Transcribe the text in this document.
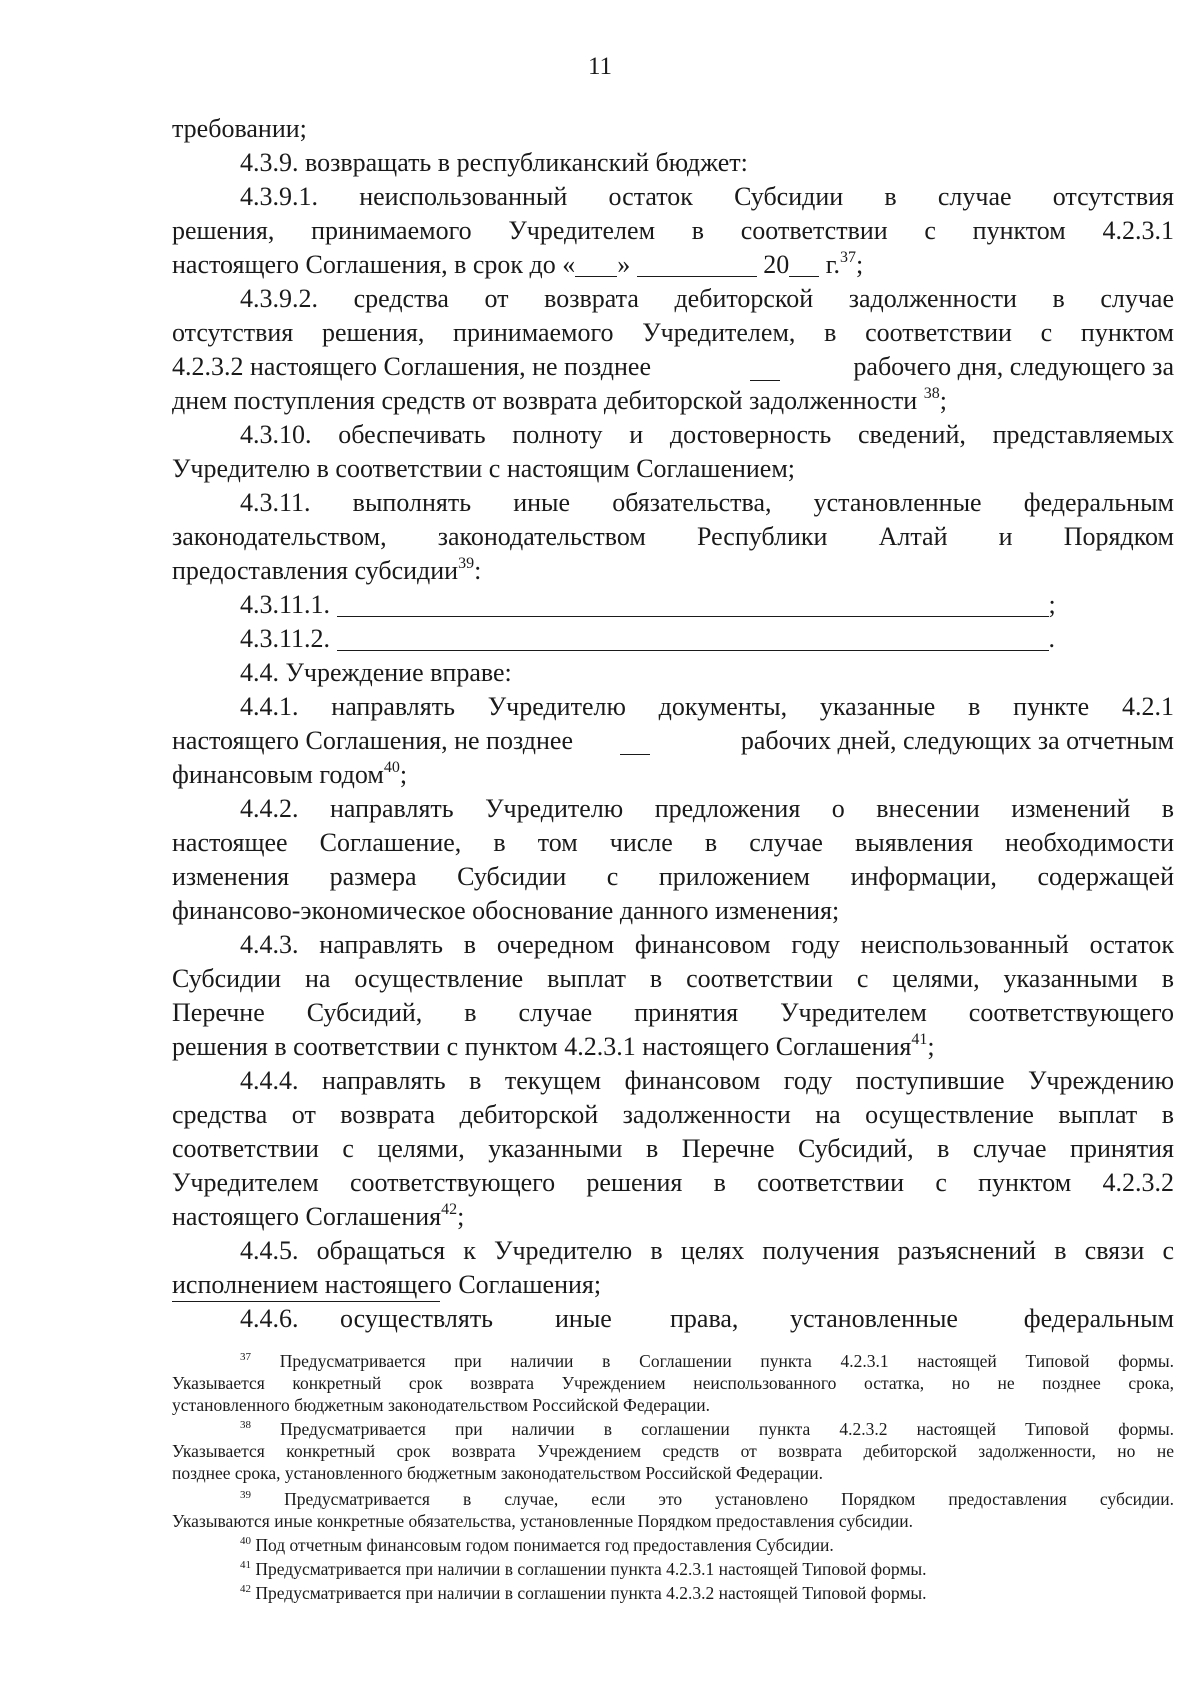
11
требовании;
4.3.9. возвращать в республиканский бюджет:
4.3.9.1. неиспользованный остаток Субсидии в случае отсутствия
решения, принимаемого Учредителем в соответствии с пунктом 4.2.3.1
настоящего Соглашения, в срок до « »	20 г.$^{37}$;
4.3.9.2. средства от возврата дебиторской задолженности в случае
отсутствия решения, принимаемого Учредителем, в соответствии с пунктом
4.2.3.2 настоящего Соглашения, не позднее	рабочего дня, следующего за
днем поступления средств от возврата дебиторской задолженности $^{38}$;
4.3.10. обеспечивать полноту и достоверность сведений, представляемых
Учредителю в соответствии с настоящим Соглашением;
4.3.11. выполнять иные обязательства, установленные федеральным
законодательством, законодательством Республики Алтай и Порядком
предоставления субсидии$^{39}$:
4.3.11.1.	;
4.3.11.2.	.
4.4. Учреждение вправе:
4.4.1. направлять Учредителю документы, указанные в пункте 4.2.1
настоящего Соглашения, не позднее	рабочих дней, следующих за отчетным
финансовым годом$^{40}$;
4.4.2. направлять Учредителю предложения о внесении изменений в
настоящее Соглашение, в том числе в случае выявления необходимости
изменения размера Субсидии с приложением информации, содержащей
финансово-экономическое обоснование данного изменения;
4.4.3. направлять в очередном финансовом году неиспользованный остаток
Субсидии на осуществление выплат в соответствии с целями, указанными в
Перечне Субсидий, в случае принятия Учредителем соответствующего
решения в соответствии с пунктом 4.2.3.1 настоящего Соглашения$^{41}$;
4.4.4. направлять в текущем финансовом году поступившие Учреждению
средства от возврата дебиторской задолженности на осуществление выплат в
соответствии с целями, указанными в Перечне Субсидий, в случае принятия
Учредителем соответствующего решения в соответствии с пунктом 4.2.3.2
настоящего Соглашения$^{42}$;
4.4.5. обращаться к Учредителю в целях получения разъяснений в связи с
исполнением настоящего Соглашения;
4.4.6. осуществлять иные права, установленные	федеральным
$^{37}$ Предусматривается при наличии в Соглашении пункта 4.2.3.1 настоящей Типовой формы.
Указывается конкретный срок возврата Учреждением неиспользованного остатка, но не позднее срока,
установленного бюджетным законодательством Российской Федерации.
$^{38}$ Предусматривается при наличии в соглашении пункта 4.2.3.2 настоящей Типовой формы.
Указывается конкретный срок возврата Учреждением средств от возврата дебиторской задолженности, но не
позднее срока, установленного бюджетным законодательством Российской Федерации.
$^{39}$ Предусматривается в случае, если это установлено Порядком предоставления субсидии.
Указываются иные конкретные обязательства, установленные Порядком предоставления субсидии.
$^{40}$ Под отчетным финансовым годом понимается год предоставления Субсидии.
$^{41}$ Предусматривается при наличии в соглашении пункта 4.2.3.1 настоящей Типовой формы.
$^{42}$ Предусматривается при наличии в соглашении пункта 4.2.3.2 настоящей Типовой формы.
